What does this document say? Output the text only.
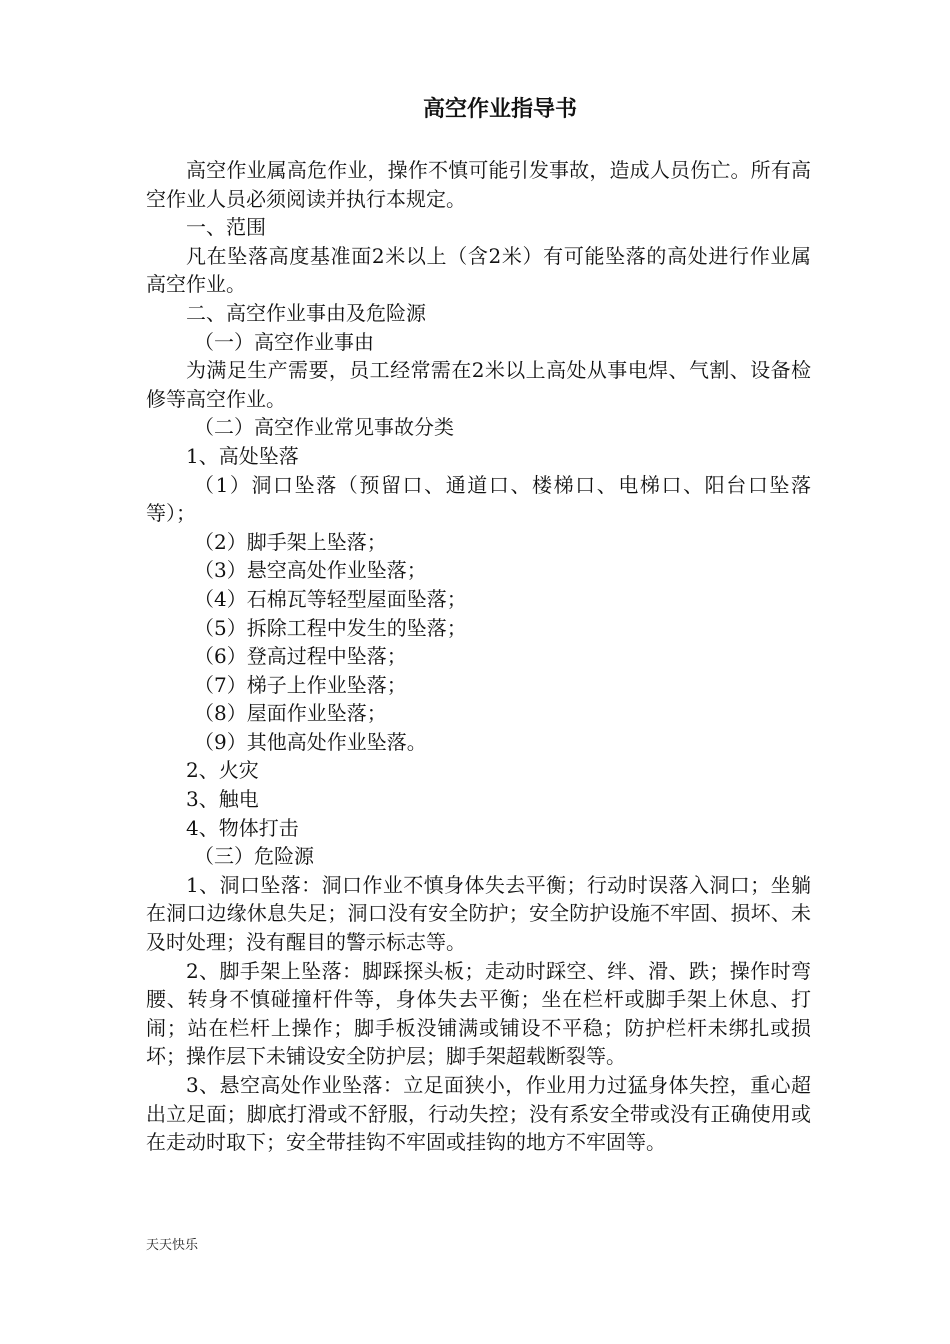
高空作业指导书

高空作业属高危作业，操作不慎可能引发事故，造成人员伤亡。所有高空作业人员必须阅读并执行本规定。

一、范围

凡在坠落高度基准面2米以上（含2米）有可能坠落的高处进行作业属高空作业。

二、高空作业事由及危险源

（一）高空作业事由

为满足生产需要，员工经常需在2米以上高处从事电焊、气割、设备检修等高空作业。

（二）高空作业常见事故分类

1、高处坠落

（1）洞口坠落（预留口、通道口、楼梯口、电梯口、阳台口坠落等）；

（2）脚手架上坠落；

（3）悬空高处作业坠落；

（4）石棉瓦等轻型屋面坠落；

（5）拆除工程中发生的坠落；

（6）登高过程中坠落；

（7）梯子上作业坠落；

（8）屋面作业坠落；

（9）其他高处作业坠落。

2、火灾

3、触电

4、物体打击

（三）危险源

1、洞口坠落：洞口作业不慎身体失去平衡；行动时误落入洞口；坐躺在洞口边缘休息失足；洞口没有安全防护；安全防护设施不牢固、损坏、未及时处理；没有醒目的警示标志等。

2、脚手架上坠落：脚踩探头板；走动时踩空、绊、滑、跌；操作时弯腰、转身不慎碰撞杆件等，身体失去平衡；坐在栏杆或脚手架上休息、打闹；站在栏杆上操作；脚手板没铺满或铺设不平稳；防护栏杆未绑扎或损坏；操作层下未铺设安全防护层；脚手架超载断裂等。

3、悬空高处作业坠落：立足面狭小，作业用力过猛身体失控，重心超出立足面；脚底打滑或不舒服，行动失控；没有系安全带或没有正确使用或在走动时取下；安全带挂钩不牢固或挂钩的地方不牢固等。

天天快乐
